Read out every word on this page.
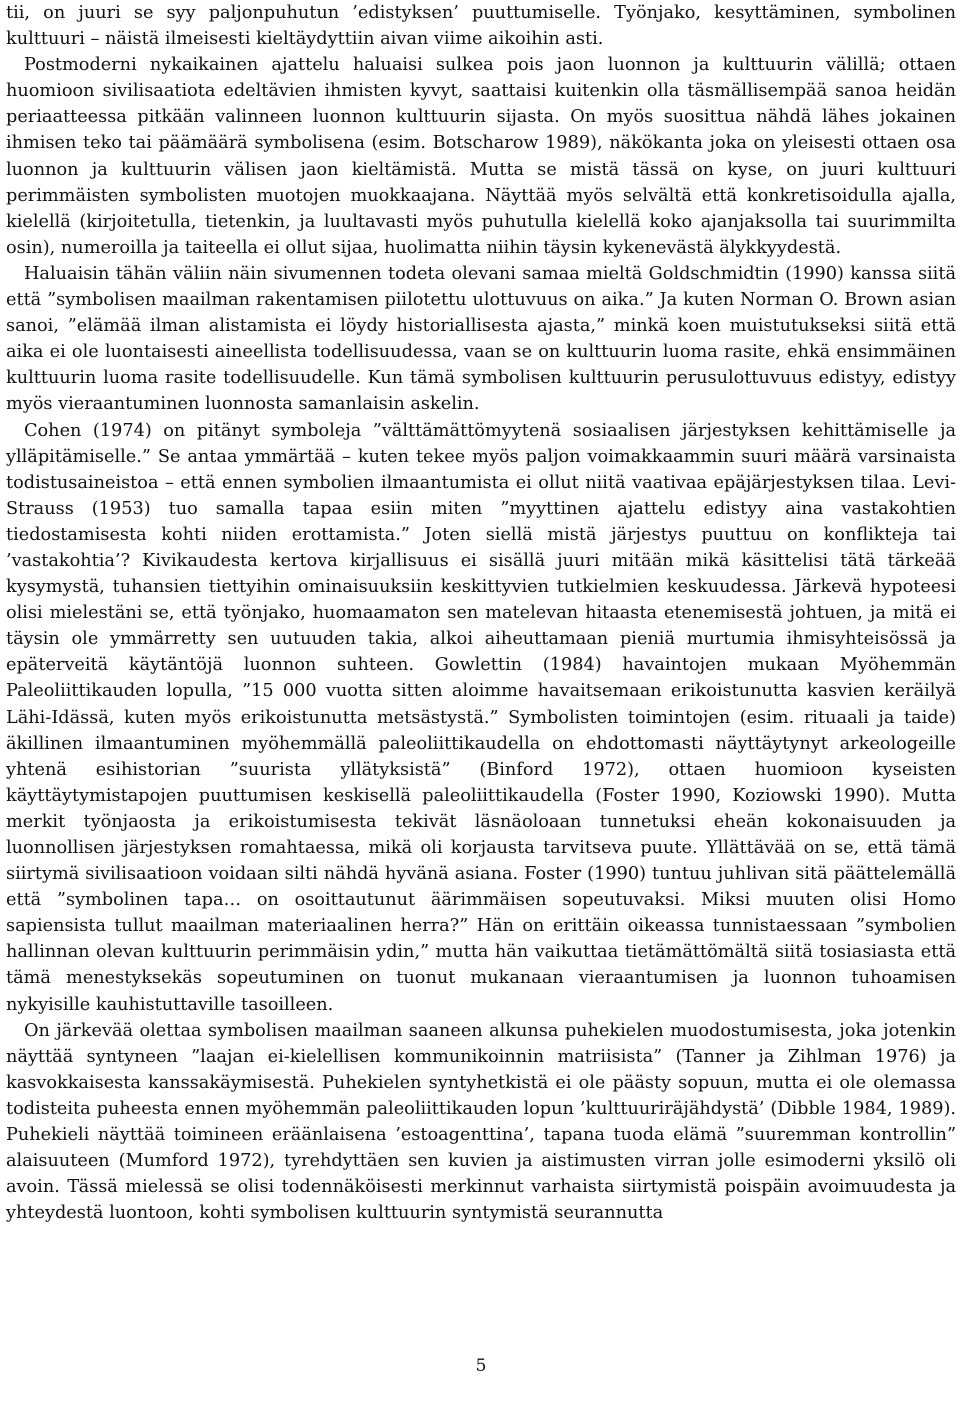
tii, on juuri se syy paljonpuhutun ’edistyksen’ puuttumiselle. Työnjako, kesyttäminen, symbolinen kulttuuri – näistä ilmeisesti kieltäydyttiin aivan viime aikoihin asti.

Postmoderni nykaikainen ajattelu haluaisi sulkea pois jaon luonnon ja kulttuurin välillä; ottaen huomioon sivilisaatiota edeltävien ihmisten kyvyt, saattaisi kuitenkin olla täsmällisempää sanoa heidän periaatteessa pitkään valinneen luonnon kulttuurin sijasta. On myös suosittua nähdä lähes jokainen ihmisen teko tai päämäärä symbolisena (esim. Botscharow 1989), näkökanta joka on yleisesti ottaen osa luonnon ja kulttuurin välisen jaon kieltämistä. Mutta se mistä tässä on kyse, on juuri kulttuuri perimmäisten symbolisten muotojen muokkaajana. Näyttää myös selvältä että konkretisoidulla ajalla, kielellä (kirjoitetulla, tietenkin, ja luultavasti myös puhutulla kielellä koko ajanjaksolla tai suurimmilta osin), numeroilla ja taiteella ei ollut sijaa, huolimatta niihin täysin kykenevästä älykkyydestä.

Haluaisin tähän väliin näin sivumennen todeta olevani samaa mieltä Goldschmidtin (1990) kanssa siitä että ”symbolisen maailman rakentamisen piilotettu ulottuvuus on aika.” Ja kuten Norman O. Brown asian sanoi, ”elämää ilman alistamista ei löydy historiallisesta ajasta,” minkä koen muistutukseksi siitä että aika ei ole luontaisesti aineellista todellisuudessa, vaan se on kulttuurin luoma rasite, ehkä ensimmäinen kulttuurin luoma rasite todellisuudelle. Kun tämä symbolisen kulttuurin perusulottuvuus edistyy, edistyy myös vieraantuminen luonnosta samanlaisin askelin.

Cohen (1974) on pitänyt symboleja ”välttämättömyytenä sosiaalisen järjestyksen kehittämiselle ja ylläpitämiselle.” Se antaa ymmärtää – kuten tekee myös paljon voimakkaammin suuri määrä varsinaista todistusaineistoa – että ennen symbolien ilmaantumista ei ollut niitä vaativaa epäjärjestyksen tilaa. Levi-Strauss (1953) tuo samalla tapaa esiin miten ”myyttinen ajattelu edistyy aina vastakohtien tiedostamisesta kohti niiden erottamista.” Joten siellä mistä järjestys puuttuu on konflikteja tai ’vastakohtia’? Kivikaudesta kertova kirjallisuus ei sisällä juuri mitään mikä käsittelisi tätä tärkeää kysymystä, tuhansien tiettyihin ominaisuuksiin keskittyvien tutkielmien keskuudessa. Järkevä hypoteesi olisi mielestäni se, että työnjako, huomaamaton sen matelevan hitaasta etenemisestä johtuen, ja mitä ei täysin ole ymmärretty sen uutuuden takia, alkoi aiheuttamaan pieniä murtumia ihmisyhteisössä ja epäterveitä käytäntöjä luonnon suhteen. Gowlettin (1984) havaintojen mukaan Myöhemmän Paleoliittikauden lopulla, ”15 000 vuotta sitten aloimme havaitsemaan erikoistunutta kasvien keräilyä Lähi-Idässä, kuten myös erikoistunutta metsästystä.” Symbolisten toimintojen (esim. rituaali ja taide) äkillinen ilmaantuminen myöhemmällä paleoliittikaudella on ehdottomasti näyttäytynyt arkeologeille yhtenä esihistorian ”suurista yllätyksistä” (Binford 1972), ottaen huomioon kyseisten käyttäytymistapojen puuttumisen keskisellä paleoliittikaudella (Foster 1990, Koziowski 1990). Mutta merkit työnjaosta ja erikoistumisesta tekivät läsnäoloaan tunnetuksi eheän kokonaisuuden ja luonnollisen järjestyksen romahtaessa, mikä oli korjausta tarvitseva puute. Yllättävää on se, että tämä siirtymä sivilisaatioon voidaan silti nähdä hyvänä asiana. Foster (1990) tuntuu juhlivan sitä päättelemällä että ”symbolinen tapa… on osoittautunut äärimmäisen sopeutuvaksi. Miksi muuten olisi Homo sapiensista tullut maailman materiaalinen herra?” Hän on erittäin oikeassa tunnistaessaan ”symbolien hallinnan olevan kulttuurin perimmäisin ydin,” mutta hän vaikuttaa tietämättömältä siitä tosiasiasta että tämä menestyksekäs sopeutuminen on tuonut mukanaan vieraantumisen ja luonnon tuhoamisen nykyisille kauhistuttaville tasoilleen.

On järkevää olettaa symbolisen maailman saaneen alkunsa puhekielen muodostumisesta, joka jotenkin näyttää syntyneen ”laajan ei-kielellisen kommunikoinnin matriisista” (Tanner ja Zihlman 1976) ja kasvokkaisesta kanssakäymisestä. Puhekielen syntyhetkistä ei ole päästy sopuun, mutta ei ole olemassa todisteita puheesta ennen myöhemmän paleoliittikauden lopun ’kulttuuriräjähdystä’ (Dibble 1984, 1989). Puhekieli näyttää toimineen eräänlaisena ’estoagenttina’, tapana tuoda elämä ”suuremman kontrollin” alaisuuteen (Mumford 1972), tyrehdyttäen sen kuvien ja aistimusten virran jolle esimoderni yksilö oli avoin. Tässä mielessä se olisi todennäköisesti merkinnut varhaista siirtymistä poispäin avoimuudesta ja yhteydestä luontoon, kohti symbolisen kulttuurin syntymistä seurannutta

5
